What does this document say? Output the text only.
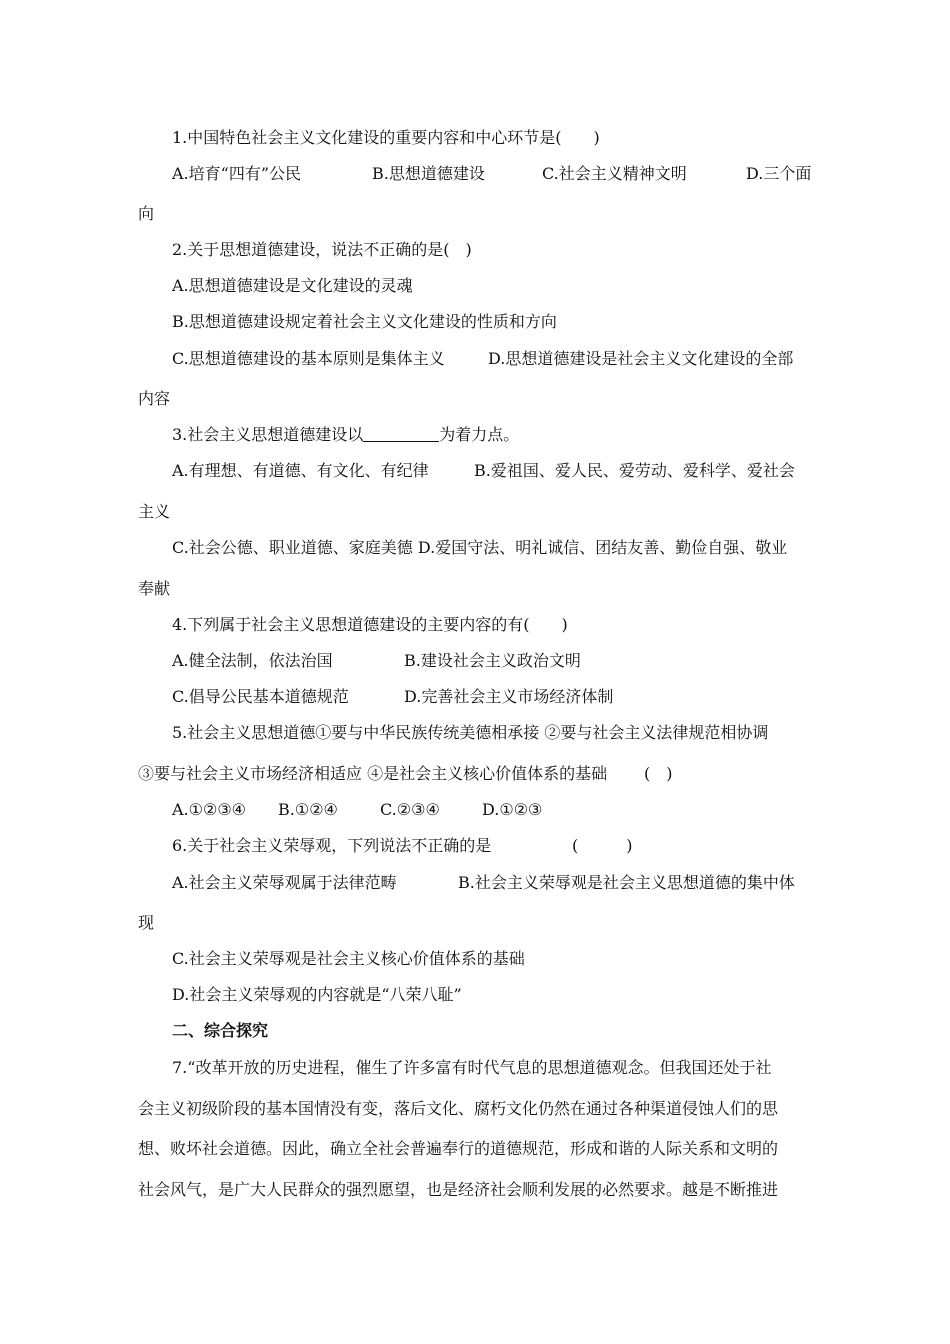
1.中国特色社会主义文化建设的重要内容和中心环节是(　　)
A.培育“四有”公民	B.思想道德建设	C.社会主义精神文明	D.三个面
向
2.关于思想道德建设，说法不正确的是(　)
A.思想道德建设是文化建设的灵魂
B.思想道德建设规定着社会主义文化建设的性质和方向
C.思想道德建设的基本原则是集体主义	D.思想道德建设是社会主义文化建设的全部
内容
3.社会主义思想道德建设以	为着力点。
A.有理想、有道德、有文化、有纪律	B.爱祖国、爱人民、爱劳动、爱科学、爱社会
主义
C.社会公德、职业道德、家庭美德 D.爱国守法、明礼诚信、团结友善、勤俭自强、敬业
奉献
4.下列属于社会主义思想道德建设的主要内容的有(　　)
A.健全法制，依法治国	B.建设社会主义政治文明
C.倡导公民基本道德规范	D.完善社会主义市场经济体制
5.社会主义思想道德①要与中华民族传统美德相承接 ②要与社会主义法律规范相协调
③要与社会主义市场经济相适应 ④是社会主义核心价值体系的基础 (　)
A.①②③④ B.①②④	C.②③④	D.①②③
6.关于社会主义荣辱观，下列说法不正确的是	(　　　)
A.社会主义荣辱观属于法律范畴	B.社会主义荣辱观是社会主义思想道德的集中体
现
C.社会主义荣辱观是社会主义核心价值体系的基础
D.社会主义荣辱观的内容就是“八荣八耻”
二、综合探究
7.“改革开放的历史进程，催生了许多富有时代气息的思想道德观念。但我国还处于社
会主义初级阶段的基本国情没有变，落后文化、腐朽文化仍然在通过各种渠道侵蚀人们的思
想、败坏社会道德。因此，确立全社会普遍奉行的道德规范，形成和谐的人际关系和文明的
社会风气，是广大人民群众的强烈愿望，也是经济社会顺利发展的必然要求。越是不断推进
